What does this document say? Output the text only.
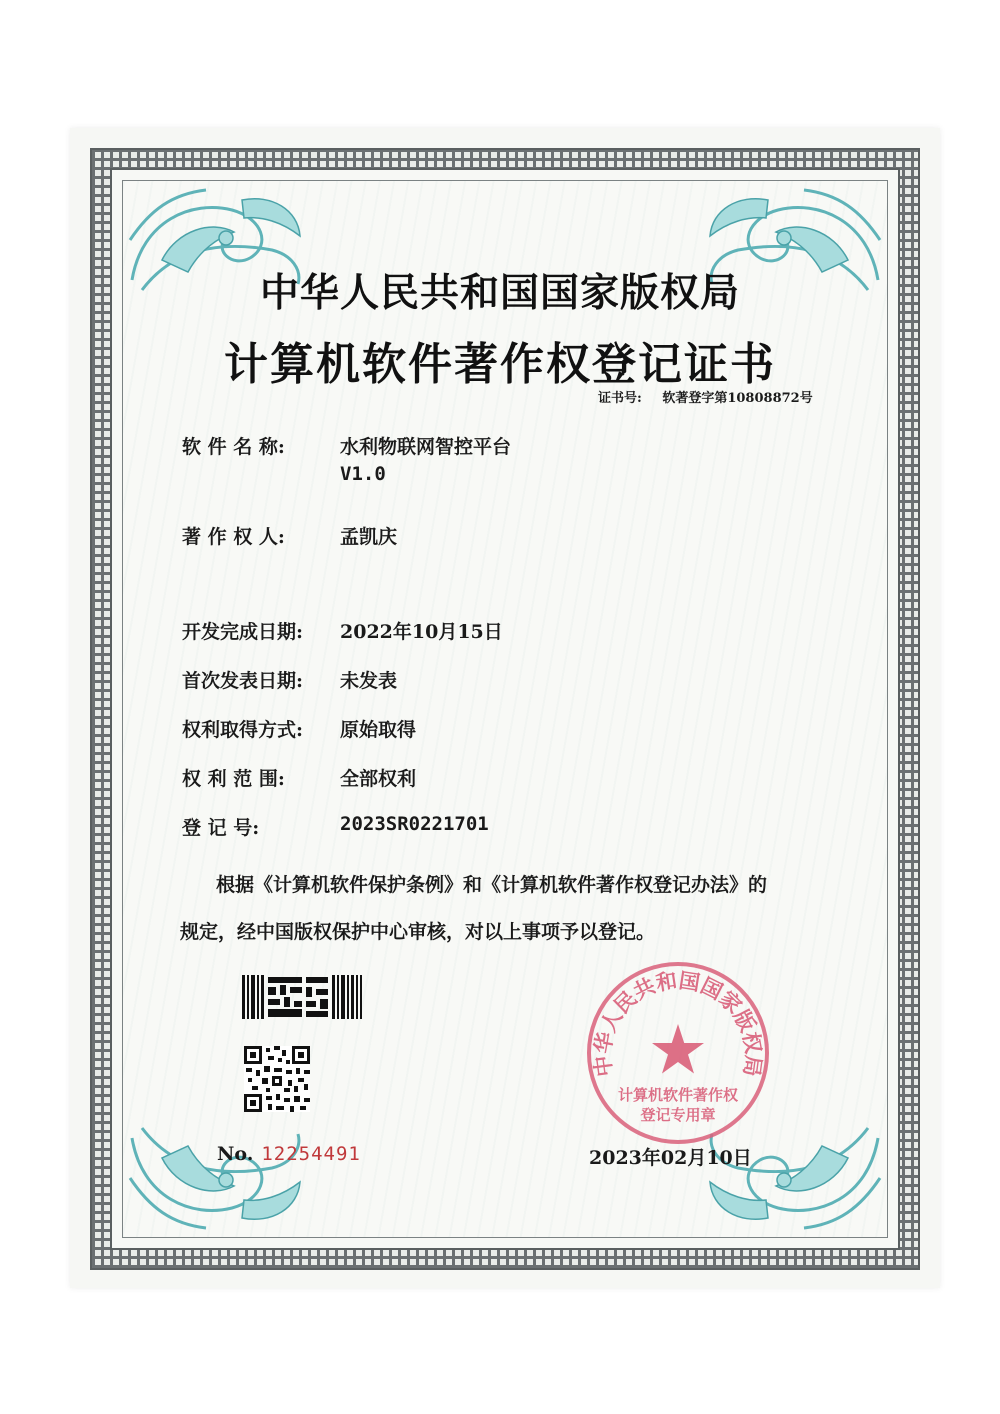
中华人民共和国国家版权局
计算机软件著作权登记证书
证书号: 软著登字第10808872号
软 件 名 称:	水利物联网智控平台
V1.0
著 作 权 人:	孟凯庆
开发完成日期: 2022年10月15日
首次发表日期: 未发表
权利取得方式: 原始取得
权 利 范 围:	全部权利
登 记 号:	2023SR0221701
根据《计算机软件保护条例》和《计算机软件著作权登记办法》的
规定，经中国版权保护中心审核，对以上事项予以登记。
No. 12254491
中华人民共和国国家版权局
计算机软件著作权
登记专用章
2023年02月10日
